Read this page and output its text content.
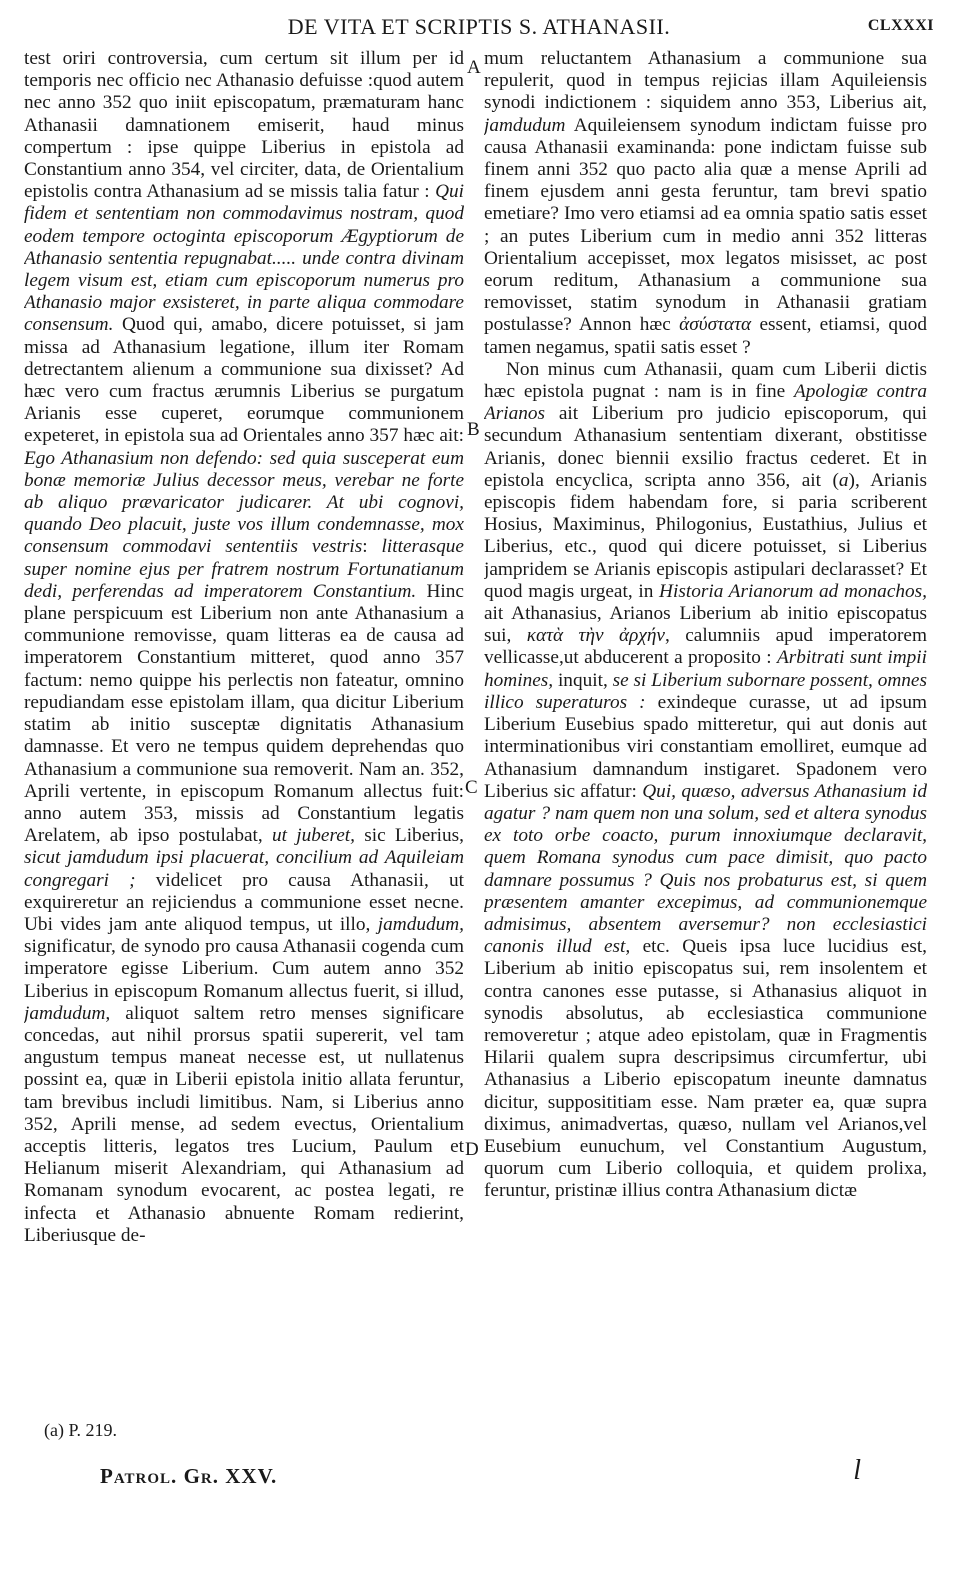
DE VITA ET SCRIPTIS S. ATHANASII.	CLXXXI

test oriri controversia, cum certum sit illum per id temporis nec officio nec Athanasio defuisse :quod autem nec anno 352 quo iniit episcopatum, præmaturam hanc Athanasii damnationem emiserit, haud minus compertum : ipse quippe Liberius in epistola ad Constantium anno 354, vel circiter, data, de Orientalium epistolis contra Athanasium ad se missis talia fatur : Qui fidem et sententiam non commodavimus nostram, quod eodem tempore octoginta episcoporum Ægyptiorum de Athanasio sententia repugnabat..... unde contra divinam legem visum est, etiam cum episcoporum numerus pro Athanasio major exsisteret, in parte aliqua commodare consensum. Quod qui, amabo, dicere potuisset, si jam missa ad Athanasium legatione, illum iter Romam detrectantem alienum a communione sua dixisset? Ad hæc vero cum fractus ærumnis Liberius se purgatum Arianis esse cuperet, eorumque communionem expeteret, in epistola sua ad Orientales anno 357 hæc ait: Ego Athanasium non defendo: sed quia susceperat eum bonæ memoriæ Julius decessor meus, verebar ne forte ab aliquo prævaricator judicarer. At ubi cognovi, quando Deo placuit, juste vos illum condemnasse, mox consensum commodavi sententiis vestris: litterasque super nomine ejus per fratrem nostrum Fortunatianum dedi, perferendas ad imperatorem Constantium. Hinc plane perspicuum est Liberium non ante Athanasium a communione removisse, quam litteras ea de causa ad imperatorem Constantium mitteret, quod anno 357 factum: nemo quippe his perlectis non fateatur, omnino repudiandam esse epistolam illam, qua dicitur Liberium statim ab initio susceptæ dignitatis Athanasium damnasse. Et vero ne tempus quidem deprehendas quo Athanasium a communione sua removerit. Nam an. 352, Aprili vertente, in episcopum Romanum allectus fuit: anno autem 353, missis ad Constantium legatis Arelatem, ab ipso postulabat, ut juberet, sic Liberius, sicut jamdudum ipsi placuerat, concilium ad Aquileiam congregari ; videlicet pro causa Athanasii, ut exquireretur an rejiciendus a communione esset necne. Ubi vides jam ante aliquod tempus, ut illo, jamdudum, significatur, de synodo pro causa Athanasii cogenda cum imperatore egisse Liberium. Cum autem anno 352 Liberius in episcopum Romanum allectus fuerit, si illud, jamdudum, aliquot saltem retro menses significare concedas, aut nihil prorsus spatii supererit, vel tam angustum tempus maneat necesse est, ut nullatenus possint ea, quæ in Liberii epistola initio allata feruntur, tam brevibus includi limitibus. Nam, si Liberius anno 352, Aprili mense, ad sedem evectus, Orientalium acceptis litteris, legatos tres Lucium, Paulum et Helianum miserit Alexandriam, qui Athanasium ad Romanam synodum evocarent, ac postea legati, re infecta et Athanasio abnuente Romam redierint, Liberiusque de-

mum reluctantem Athanasium a communione sua repulerit, quod in tempus rejicias illam Aquileiensis synodi indictionem : siquidem anno 353, Liberius ait, jamdudum Aquileiensem synodum indictam fuisse pro causa Athanasii examinanda: pone indictam fuisse sub finem anni 352 quo pacto alia quæ a mense Aprili ad finem ejusdem anni gesta feruntur, tam brevi spatio emetiare? Imo vero etiamsi ad ea omnia spatio satis esset ; an putes Liberium cum in medio anni 352 litteras Orientalium accepisset, mox legatos misisset, ac post eorum reditum, Athanasium a communione sua removisset, statim synodum in Athanasii gratiam postulasse? Annon hæc ἀσύστατα essent, etiamsi, quod tamen negamus, spatii satis esset ?

Non minus cum Athanasii, quam cum Liberii dictis hæc epistola pugnat : nam is in fine Apologiæ contra Arianos ait Liberium pro judicio episcoporum, qui secundum Athanasium sententiam dixerant, obstitisse Arianis, donec biennii exsilio fractus cederet. Et in epistola encyclica, scripta anno 356, ait (a), Arianis episcopis fidem habendam fore, si paria scriberent Hosius, Maximinus, Philogonius, Eustathius, Julius et Liberius, etc., quod qui dicere potuisset, si Liberius jampridem se Arianis episcopis astipulari declarasset? Et quod magis urgeat, in Historia Arianorum ad monachos, ait Athanasius, Arianos Liberium ab initio episcopatus sui, κατὰ τὴν ἀρχήν, calumniis apud imperatorem vellicasse,ut abducerent a proposito : Arbitrati sunt impii homines, inquit, se si Liberium subornare possent, omnes illico superaturos : exindeque curasse, ut ad ipsum Liberium Eusebius spado mitteretur, qui aut donis aut interminationibus viri constantiam emolliret, eumque ad Athanasium damnandum instigaret. Spadonem vero Liberius sic affatur: Qui, quæso, adversus Athanasium id agatur ? nam quem non una solum, sed et altera synodus ex toto orbe coacto, purum innoxiumque declaravit, quem Romana synodus cum pace dimisit, quo pacto damnare possumus ? Quis nos probaturus est, si quem præsentem amanter excepimus, ad communionemque admisimus, absentem aversemur? non ecclesiastici canonis illud est, etc. Queis ipsa luce lucidius est, Liberium ab initio episcopatus sui, rem insolentem et contra canones esse putasse, si Athanasius aliquot in synodis absolutus, ab ecclesiastica communione removeretur ; atque adeo epistolam, quæ in Fragmentis Hilarii qualem supra descripsimus circumfertur, ubi Athanasius a Liberio episcopatum ineunte damnatus dicitur, supposititiam esse. Nam præter ea, quæ supra diximus, animadvertas, quæso, nullam vel Arianos,vel Eusebium eunuchum, vel Constantium Augustum, quorum cum Liberio colloquia, et quidem prolixa, feruntur, pristinæ illius contra Athanasium dictæ

A
B
C
D
(a) P. 219.
Patrol. Gr. XXV.	l
